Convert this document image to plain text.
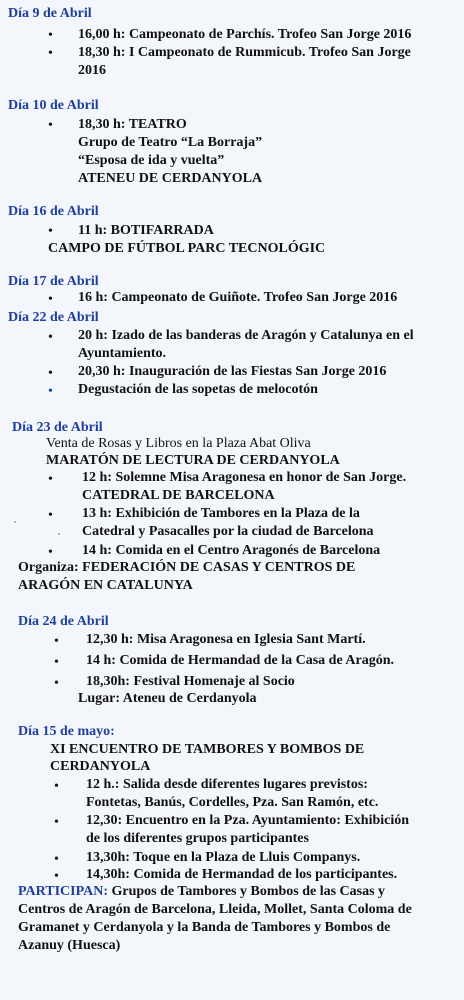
Día 9 de Abril
• 16,00 h: Campeonato de Parchís. Trofeo San Jorge 2016
• 18,30 h: I Campeonato de Rummicub. Trofeo San Jorge
2016
Día 10 de Abril
• 18,30 h: TEATRO
Grupo de Teatro “La Borraja”
“Esposa de ida y vuelta”
ATENEU DE CERDANYOLA
Día 16 de Abril
• 11 h: BOTIFARRADA
CAMPO DE FÚTBOL PARC TECNOLÓGIC
Día 17 de Abril
• 16 h: Campeonato de Guiñote. Trofeo San Jorge 2016
Día 22 de Abril
• 20 h: Izado de las banderas de Aragón y Catalunya en el
Ayuntamiento.
• 20,30 h: Inauguración de las Fiestas San Jorge 2016
• Degustación de las sopetas de melocotón
Día 23 de Abril
Venta de Rosas y Libros en la Plaza Abat Oliva
MARATÓN DE LECTURA DE CERDANYOLA
• 12 h: Solemne Misa Aragonesa en honor de San Jorge.
CATEDRAL DE BARCELONA
• 13 h: Exhibición de Tambores en la Plaza de la
Catedral y Pasacalles por la ciudad de Barcelona
• 14 h: Comida en el Centro Aragonés de Barcelona
Organiza: FEDERACIÓN DE CASAS Y CENTROS DE
ARAGÓN EN CATALUNYA
Día 24 de Abril
• 12,30 h: Misa Aragonesa en Iglesia Sant Martí.
• 14 h: Comida de Hermandad de la Casa de Aragón.
• 18,30h: Festival Homenaje al Socio
Lugar: Ateneu de Cerdanyola
Día 15 de mayo:
XI ENCUENTRO DE TAMBORES Y BOMBOS DE
CERDANYOLA
• 12 h.: Salida desde diferentes lugares previstos:
Fontetas, Banús, Cordelles, Pza. San Ramón, etc.
• 12,30: Encuentro en la Pza. Ayuntamiento: Exhibición
de los diferentes grupos participantes
• 13,30h: Toque en la Plaza de Lluis Companys.
• 14,30h: Comida de Hermandad de los participantes.
PARTICIPAN: Grupos de Tambores y Bombos de las Casas y
Centros de Aragón de Barcelona, Lleida, Mollet, Santa Coloma de
Gramanet y Cerdanyola y la Banda de Tambores y Bombos de
Azanuy (Huesca)
